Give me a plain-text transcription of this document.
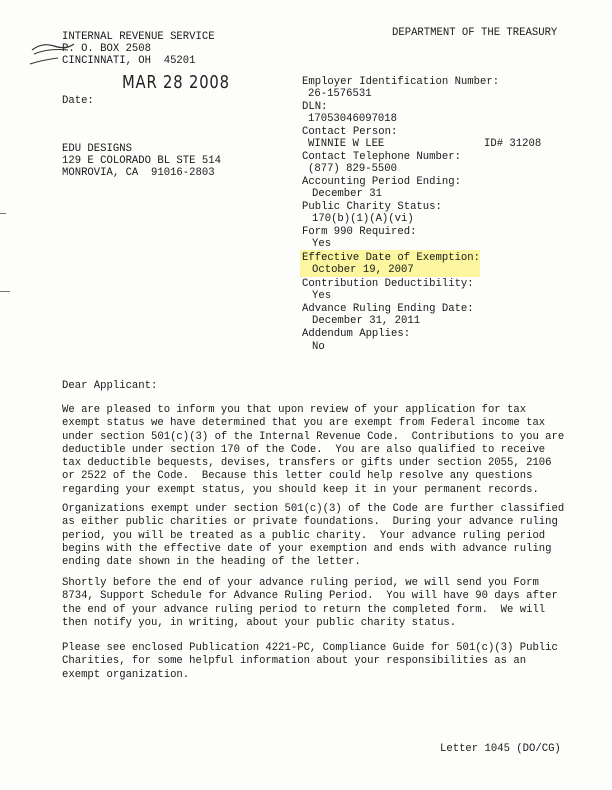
INTERNAL REVENUE SERVICE
P. O. BOX 2508
CINCINNATI, OH  45201
DEPARTMENT OF THE TREASURY
MAR 28 2008
Date:
EDU DESIGNS
129 E COLORADO BL STE 514
MONROVIA, CA  91016-2803
Employer Identification Number:
26-1576531
DLN:
17053046097018
Contact Person:
WINNIE W LEE	ID# 31208
Contact Telephone Number:
(877) 829-5500
Accounting Period Ending:
December 31
Public Charity Status:
170(b)(1)(A)(vi)
Form 990 Required:
Yes
Effective Date of Exemption:
October 19, 2007
Contribution Deductibility:
Yes
Advance Ruling Ending Date:
December 31, 2011
Addendum Applies:
No
Dear Applicant:
We are pleased to inform you that upon review of your application for tax
exempt status we have determined that you are exempt from Federal income tax
under section 501(c)(3) of the Internal Revenue Code.  Contributions to you are
deductible under section 170 of the Code.  You are also qualified to receive
tax deductible bequests, devises, transfers or gifts under section 2055, 2106
or 2522 of the Code.  Because this letter could help resolve any questions
regarding your exempt status, you should keep it in your permanent records.
Organizations exempt under section 501(c)(3) of the Code are further classified
as either public charities or private foundations.  During your advance ruling
period, you will be treated as a public charity.  Your advance ruling period
begins with the effective date of your exemption and ends with advance ruling
ending date shown in the heading of the letter.
Shortly before the end of your advance ruling period, we will send you Form
8734, Support Schedule for Advance Ruling Period.  You will have 90 days after
the end of your advance ruling period to return the completed form.  We will
then notify you, in writing, about your public charity status.
Please see enclosed Publication 4221-PC, Compliance Guide for 501(c)(3) Public
Charities, for some helpful information about your responsibilities as an
exempt organization.
Letter 1045 (DO/CG)
